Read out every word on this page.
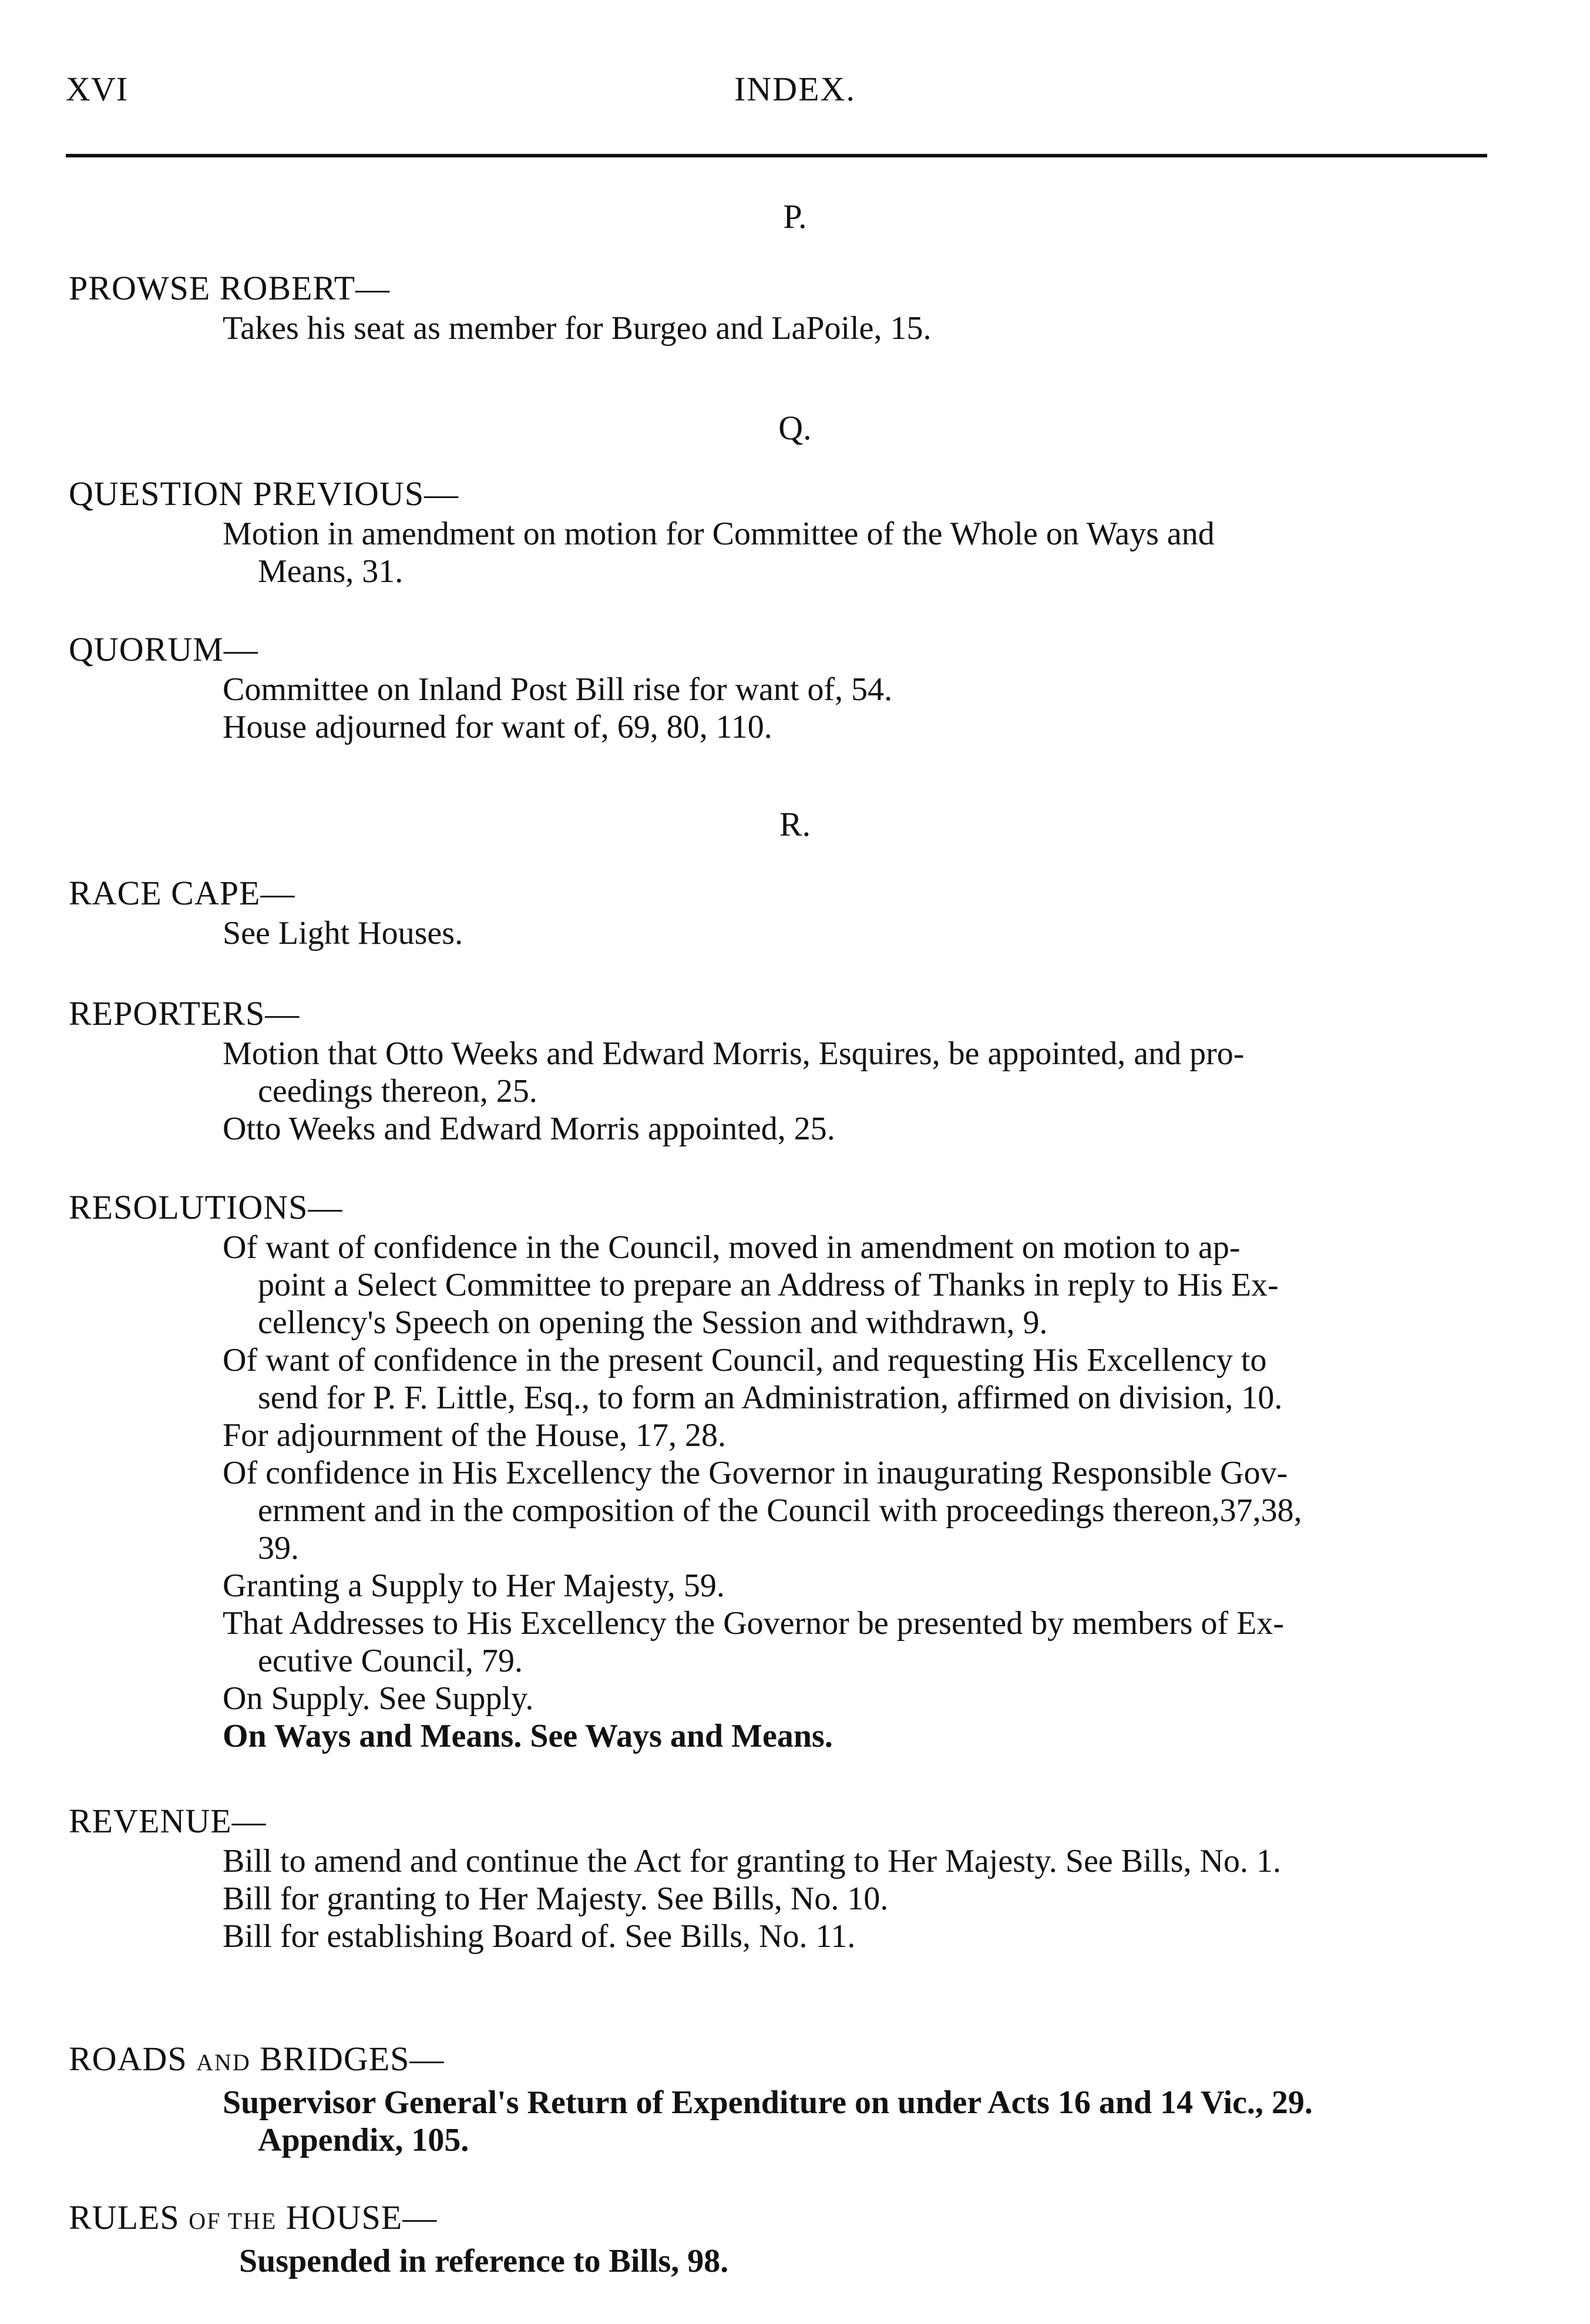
XVI	INDEX.
P.
PROWSE ROBERT—
Takes his seat as member for Burgeo and LaPoile, 15.
Q.
QUESTION PREVIOUS—
Motion in amendment on motion for Committee of the Whole on Ways and
Means, 31.
QUORUM—
Committee on Inland Post Bill rise for want of, 54.
House adjourned for want of, 69, 80, 110.
R.
RACE CAPE—
See Light Houses.
REPORTERS—
Motion that Otto Weeks and Edward Morris, Esquires, be appointed, and pro-
ceedings thereon, 25.
Otto Weeks and Edward Morris appointed, 25.
RESOLUTIONS—
Of want of confidence in the Council, moved in amendment on motion to ap-
point a Select Committee to prepare an Address of Thanks in reply to His Ex-
cellency's Speech on opening the Session and withdrawn, 9.
Of want of confidence in the present Council, and requesting His Excellency to
send for P. F. Little, Esq., to form an Administration, affirmed on division, 10.
For adjournment of the House, 17, 28.
Of confidence in His Excellency the Governor in inaugurating Responsible Gov-
ernment and in the composition of the Council with proceedings thereon,37,38,
39.
Granting a Supply to Her Majesty, 59.
That Addresses to His Excellency the Governor be presented by members of Ex-
ecutive Council, 79.
On Supply. See Supply.
On Ways and Means. See Ways and Means.
REVENUE—
Bill to amend and continue the Act for granting to Her Majesty. See Bills, No. 1.
Bill for granting to Her Majesty. See Bills, No. 10.
Bill for establishing Board of. See Bills, No. 11.
ROADS AND BRIDGES—
Supervisor General's Return of Expenditure on under Acts 16 and 14 Vic., 29.
Appendix, 105.
RULES OF THE HOUSE—
Suspended in reference to Bills, 98.
